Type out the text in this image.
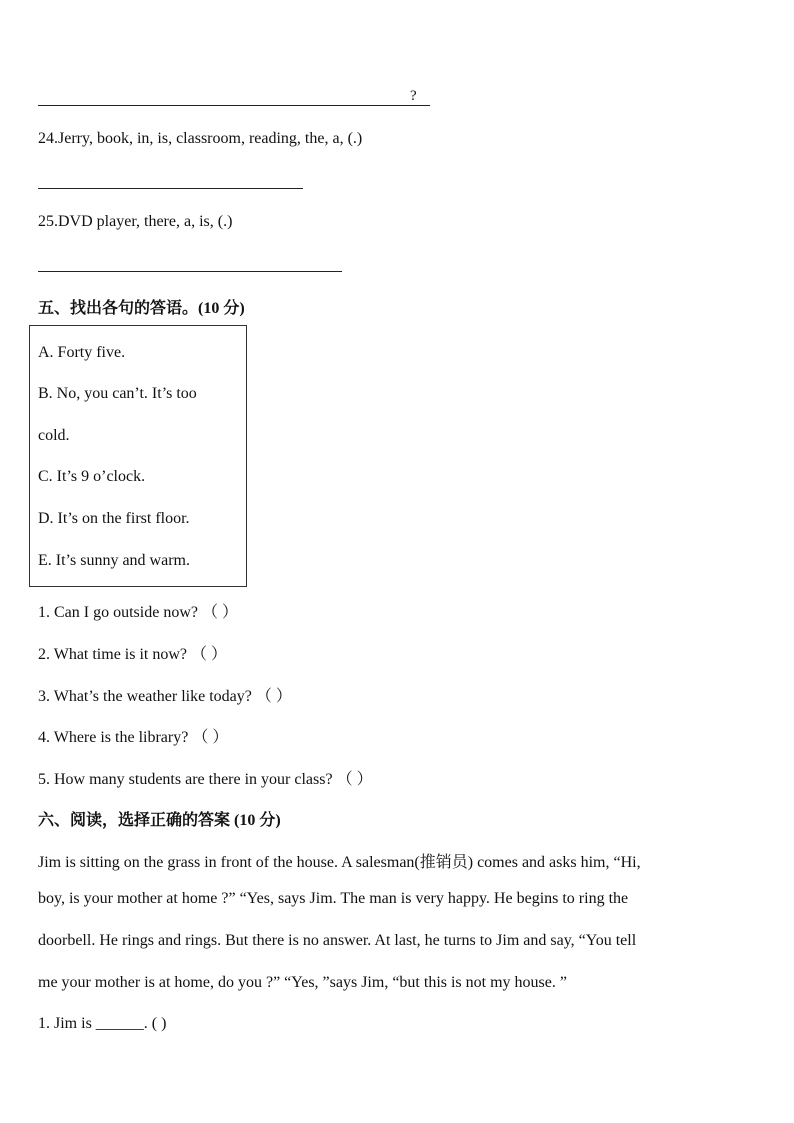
?
24.Jerry, book, in, is, classroom, reading, the, a, (.)
25.DVD player, there, a, is, (.)
五、找出各句的答语。(10 分)
A. Forty five.
B. No, you can’t. It’s too
cold.
C. It’s 9 o’clock.
D. It’s on the first floor.
E. It’s sunny and warm.
1. Can I go outside now? （ ）
2. What time is it now? （ ）
3. What’s the weather like today? （ ）
4. Where is the library? （ ）
5. How many students are there in your class? （ ）
六、阅读，选择正确的答案 (10 分)
Jim is sitting on the grass in front of the house. A salesman(推销员) comes and asks him, “Hi,
boy, is your mother at home ?” “Yes, says Jim. The man is very happy. He begins to ring the
doorbell. He rings and rings. But there is no answer. At last, he turns to Jim and say, “You tell
me your mother is at home, do you ?” “Yes, ”says Jim, “but this is not my house. ”
1. Jim is ______. ( )
